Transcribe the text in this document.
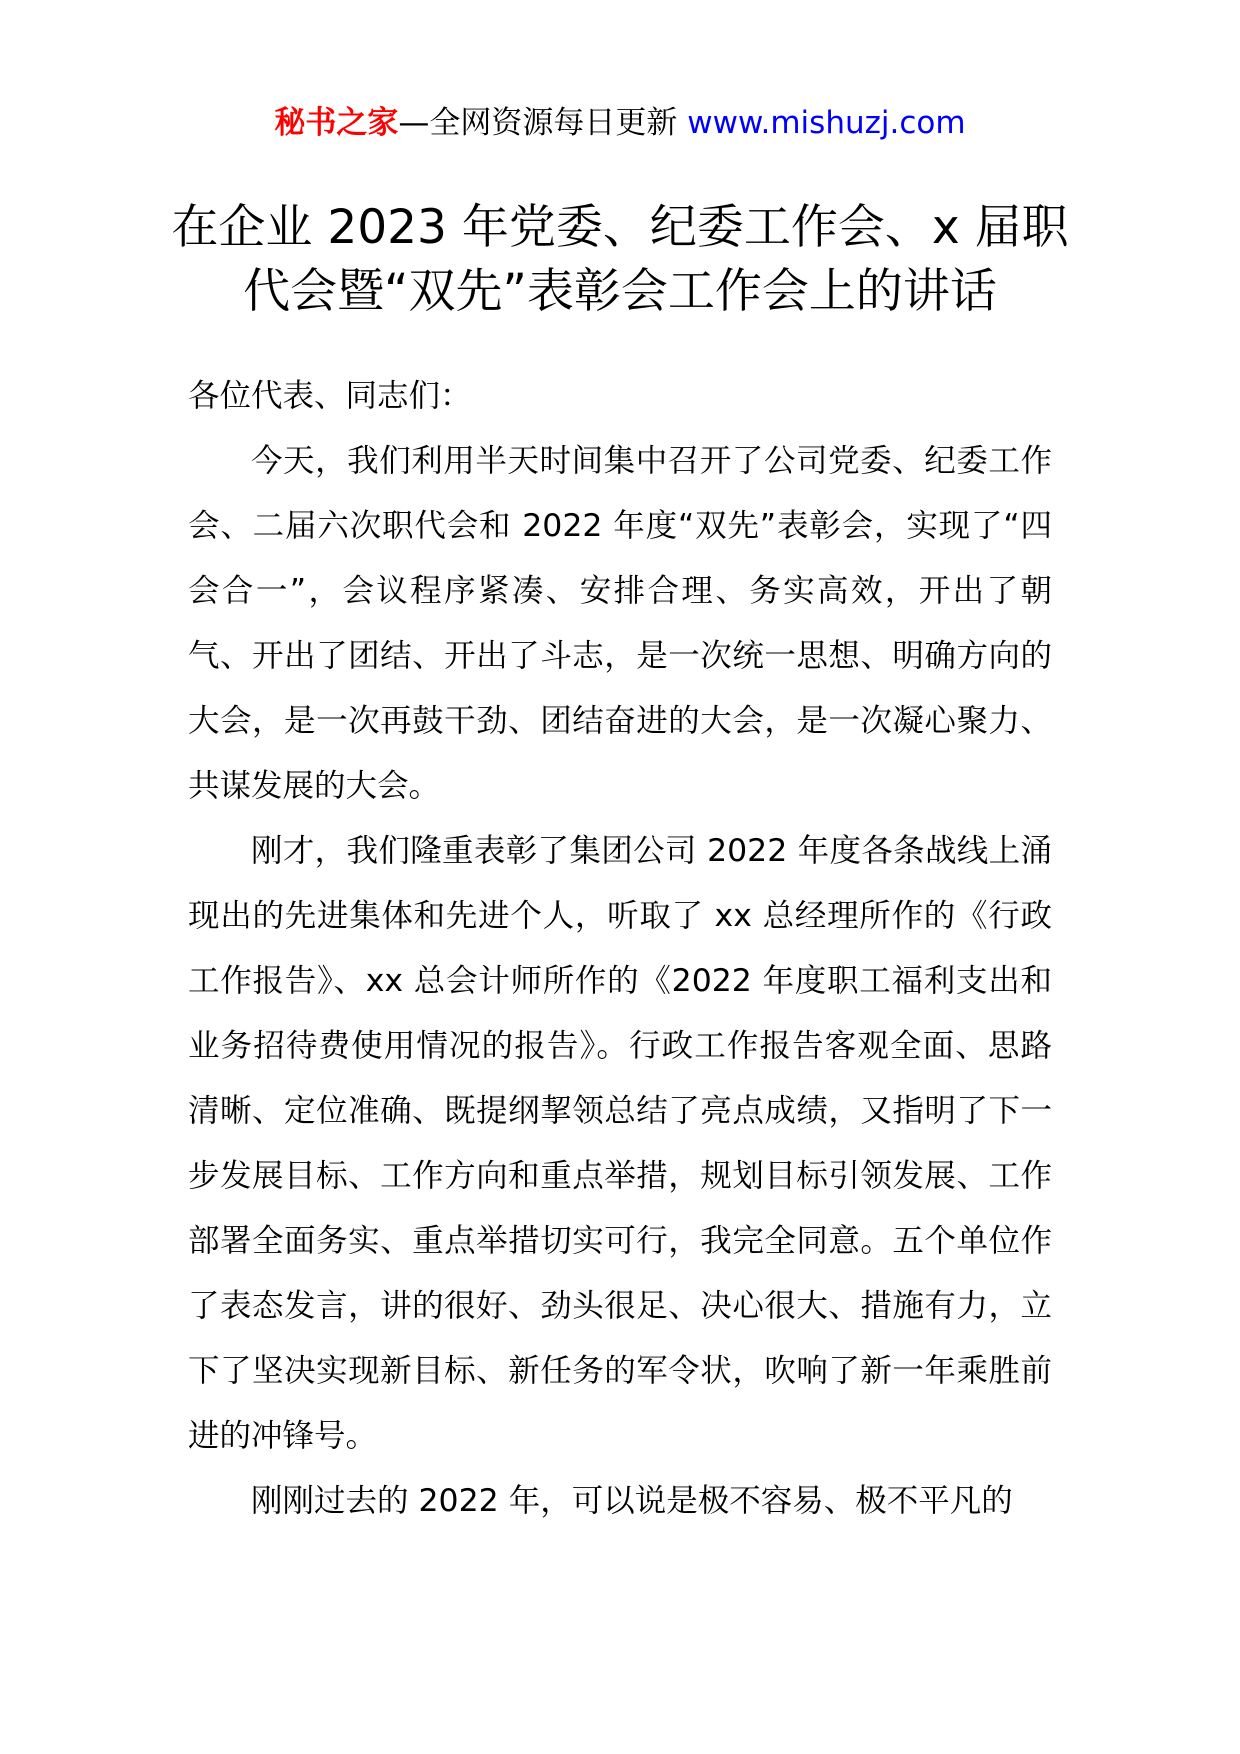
秘书之家—全网资源每日更新 www.mishuzj.com
在企业 2023 年党委、纪委工作会、x 届职
代会暨“双先”表彰会工作会上的讲话

各位代表、同志们：

今天，我们利用半天时间集中召开了公司党委、纪委工作会、二届六次职代会和 2022 年度“双先”表彰会，实现了“四会合一”，会议程序紧凑、安排合理、务实高效，开出了朝气、开出了团结、开出了斗志，是一次统一思想、明确方向的大会，是一次再鼓干劲、团结奋进的大会，是一次凝心聚力、共谋发展的大会。

刚才，我们隆重表彰了集团公司 2022 年度各条战线上涌现出的先进集体和先进个人，听取了 xx 总经理所作的《行政工作报告》、xx 总会计师所作的《2022 年度职工福利支出和业务招待费使用情况的报告》。行政工作报告客观全面、思路清晰、定位准确、既提纲挈领总结了亮点成绩，又指明了下一步发展目标、工作方向和重点举措，规划目标引领发展、工作部署全面务实、重点举措切实可行，我完全同意。五个单位作了表态发言，讲的很好、劲头很足、决心很大、措施有力，立下了坚决实现新目标、新任务的军令状，吹响了新一年乘胜前进的冲锋号。

刚刚过去的 2022 年，可以说是极不容易、极不平凡的
